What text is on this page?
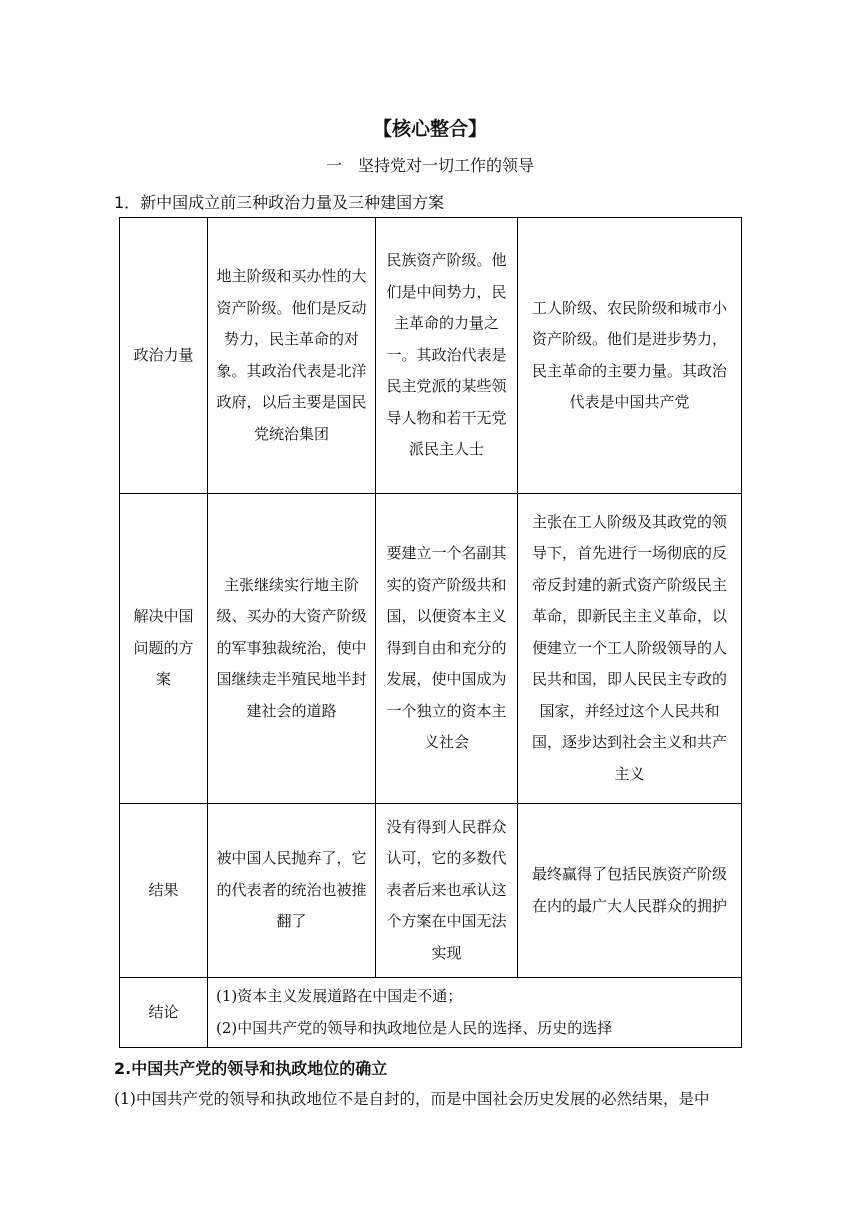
【核心整合】
一　坚持党对一切工作的领导
1．新中国成立前三种政治力量及三种建国方案
政治力量	地主阶级和买办性的大资产阶级。他们是反动势力，民主革命的对象。其政治代表是北洋政府，以后主要是国民党统治集团	民族资产阶级。他们是中间势力，民主革命的力量之一。其政治代表是民主党派的某些领导人物和若干无党派民主人士	工人阶级、农民阶级和城市小资产阶级。他们是进步势力，民主革命的主要力量。其政治代表是中国共产党
解决中国问题的方案	主张继续实行地主阶级、买办的大资产阶级的军事独裁统治，使中国继续走半殖民地半封建社会的道路	要建立一个名副其实的资产阶级共和国，以便资本主义得到自由和充分的发展，使中国成为一个独立的资本主义社会	主张在工人阶级及其政党的领导下，首先进行一场彻底的反帝反封建的新式资产阶级民主革命，即新民主主义革命，以便建立一个工人阶级领导的人民共和国，即人民民主专政的国家，并经过这个人民共和国，逐步达到社会主义和共产主义
结果	被中国人民抛弃了，它的代表者的统治也被推翻了	没有得到人民群众认可，它的多数代表者后来也承认这个方案在中国无法实现	最终赢得了包括民族资产阶级在内的最广大人民群众的拥护
结论	(1)资本主义发展道路在中国走不通；
(2)中国共产党的领导和执政地位是人民的选择、历史的选择		
2.中国共产党的领导和执政地位的确立
(1)中国共产党的领导和执政地位不是自封的，而是中国社会历史发展的必然结果，是中
